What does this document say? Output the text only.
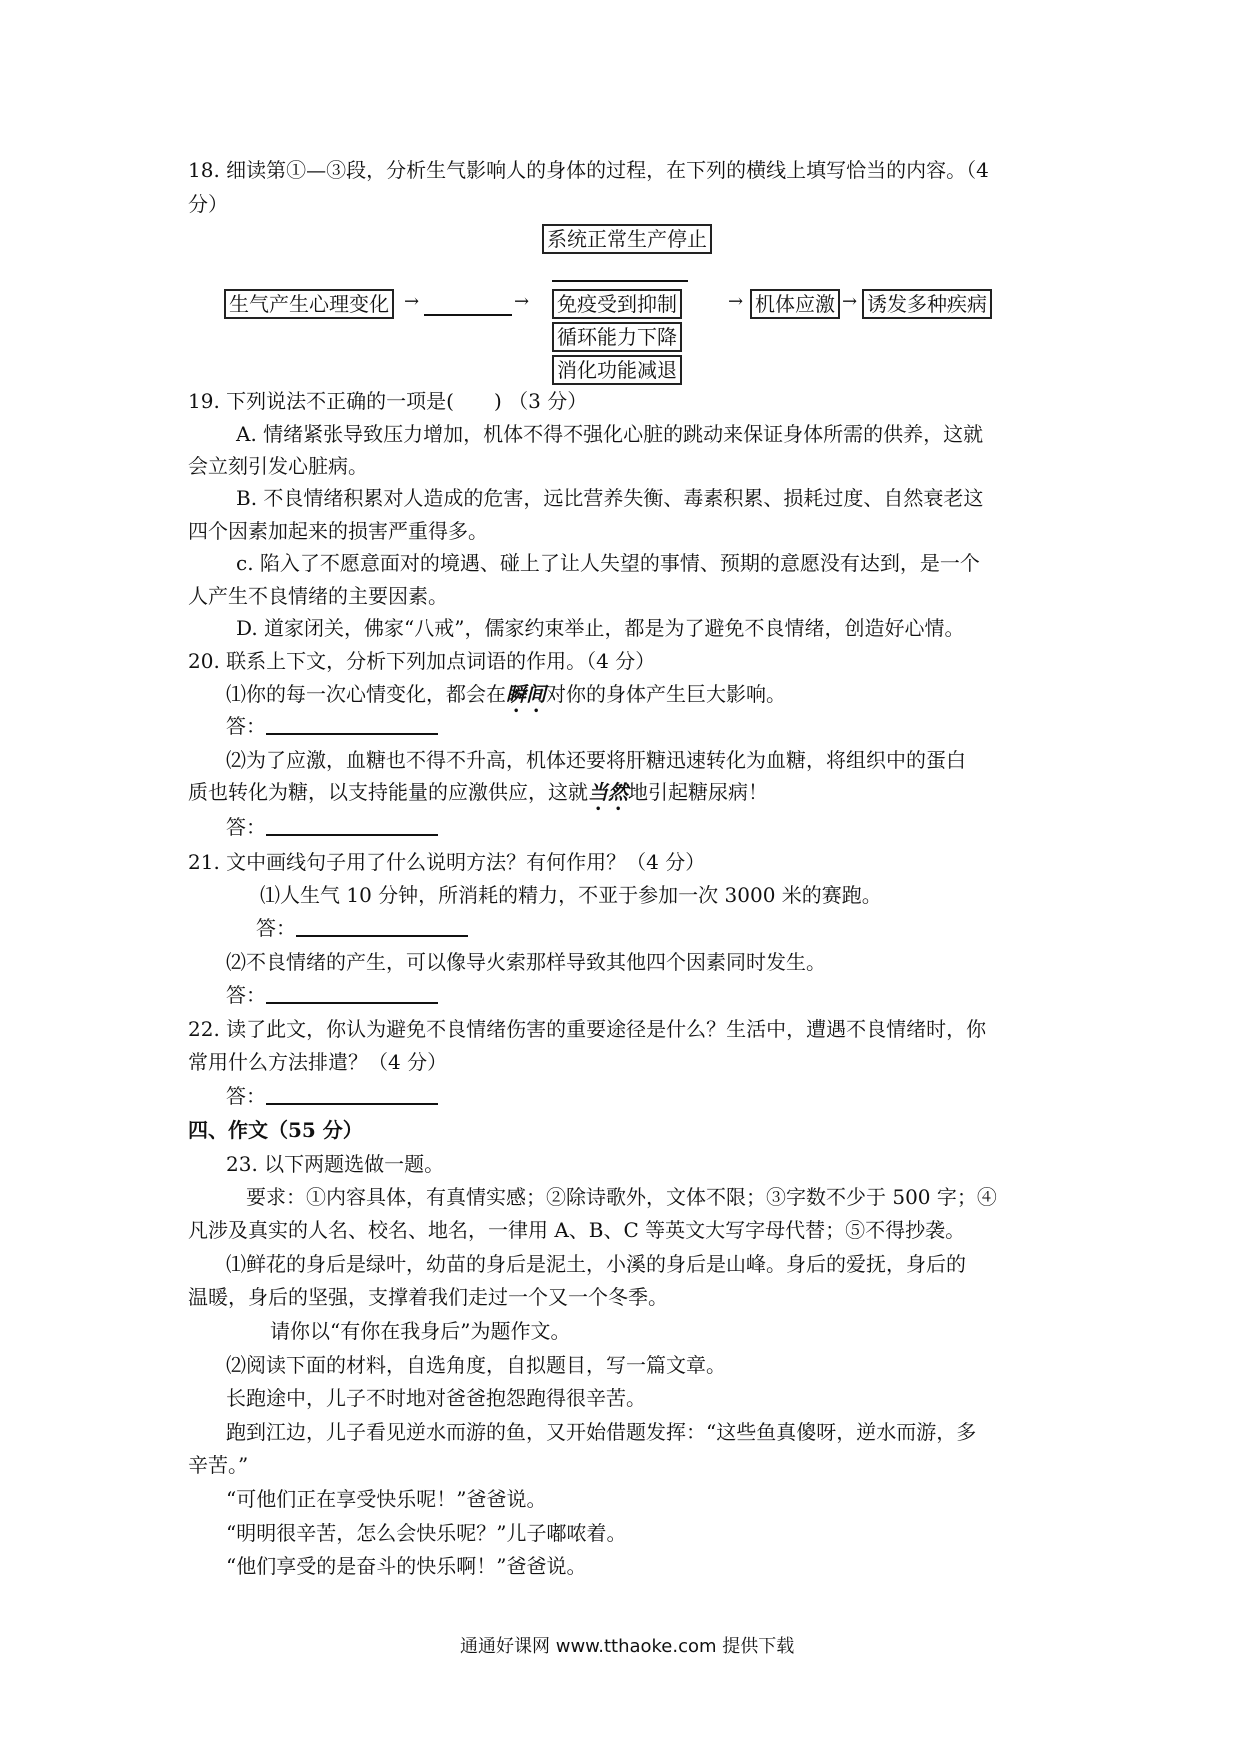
18. 细读第①—③段，分析生气影响人的身体的过程，在下列的横线上填写恰当的内容。（4
分）
系统正常生产停止
生气产生心理变化 →	→ 免疫受到抑制
循环能力下降
消化功能减退
→ 机体应激 → 诱发多种疾病
19. 下列说法不正确的一项是(　　) （3 分）
A. 情绪紧张导致压力增加，机体不得不强化心脏的跳动来保证身体所需的供养，这就
会立刻引发心脏病。
B. 不良情绪积累对人造成的危害，远比营养失衡、毒素积累、损耗过度、自然衰老这
四个因素加起来的损害严重得多。
c. 陷入了不愿意面对的境遇、碰上了让人失望的事情、预期的意愿没有达到，是一个
人产生不良情绪的主要因素。
D. 道家闭关，佛家“八戒”，儒家约束举止，都是为了避免不良情绪，创造好心情。
20. 联系上下文，分析下列加点词语的作用。（4 分）
⑴你的每一次心情变化，都会在瞬间对你的身体产生巨大影响。
答：
⑵为了应激，血糖也不得不升高，机体还要将肝糖迅速转化为血糖，将组织中的蛋白
质也转化为糖，以支持能量的应激供应，这就当然地引起糖尿病！
答：
21. 文中画线句子用了什么说明方法？有何作用？（4 分）
⑴人生气 10 分钟，所消耗的精力，不亚于参加一次 3000 米的赛跑。
答：
⑵不良情绪的产生，可以像导火索那样导致其他四个因素同时发生。
答：
22. 读了此文，你认为避免不良情绪伤害的重要途径是什么？生活中，遭遇不良情绪时，你
常用什么方法排遣？（4 分）
答：
四、作文（55 分）
23. 以下两题选做一题。
要求：①内容具体，有真情实感；②除诗歌外，文体不限；③字数不少于 500 字；④
凡涉及真实的人名、校名、地名，一律用 A、B、C 等英文大写字母代替；⑤不得抄袭。
⑴鲜花的身后是绿叶，幼苗的身后是泥土，小溪的身后是山峰。身后的爱抚，身后的
温暖，身后的坚强，支撑着我们走过一个又一个冬季。
请你以“有你在我身后”为题作文。
⑵阅读下面的材料，自选角度，自拟题目，写一篇文章。
长跑途中，儿子不时地对爸爸抱怨跑得很辛苦。
跑到江边，儿子看见逆水而游的鱼，又开始借题发挥：“这些鱼真傻呀，逆水而游，多
辛苦。”
“可他们正在享受快乐呢！”爸爸说。
“明明很辛苦，怎么会快乐呢？”儿子嘟哝着。
“他们享受的是奋斗的快乐啊！”爸爸说。
通通好课网 www.tthaoke.com 提供下载
